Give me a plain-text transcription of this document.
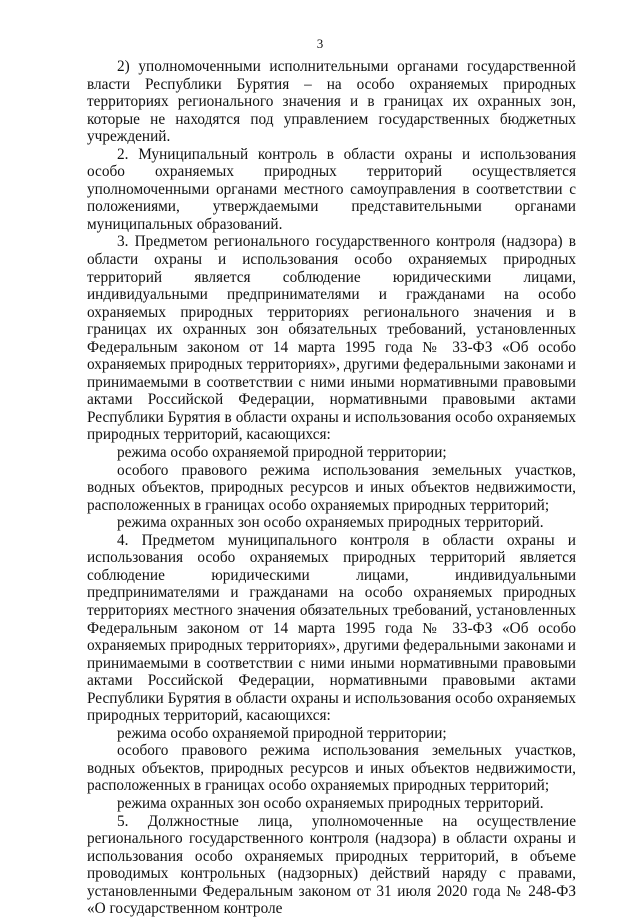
3

2) уполномоченными исполнительными органами государственной власти Республики Бурятия – на особо охраняемых природных территориях регионального значения и в границах их охранных зон, которые не находятся под управлением государственных бюджетных учреждений.

2. Муниципальный контроль в области охраны и использования особо охраняемых природных территорий осуществляется уполномоченными органами местного самоуправления в соответствии с положениями, утверждаемыми представительными органами муниципальных образований.

3. Предметом регионального государственного контроля (надзора) в области охраны и использования особо охраняемых природных территорий является соблюдение юридическими лицами, индивидуальными предпринимателями и гражданами на особо охраняемых природных территориях регионального значения и в границах их охранных зон обязательных требований, установленных Федеральным законом от 14 марта 1995 года № 33-ФЗ «Об особо охраняемых природных территориях», другими федеральными законами и принимаемыми в соответствии с ними иными нормативными правовыми актами Российской Федерации, нормативными правовыми актами Республики Бурятия в области охраны и использования особо охраняемых природных территорий, касающихся:

режима особо охраняемой природной территории;

особого правового режима использования земельных участков, водных объектов, природных ресурсов и иных объектов недвижимости, расположенных в границах особо охраняемых природных территорий;

режима охранных зон особо охраняемых природных территорий.

4. Предметом муниципального контроля в области охраны и использования особо охраняемых природных территорий является соблюдение юридическими лицами, индивидуальными предпринимателями и гражданами на особо охраняемых природных территориях местного значения обязательных требований, установленных Федеральным законом от 14 марта 1995 года № 33-ФЗ «Об особо охраняемых природных территориях», другими федеральными законами и принимаемыми в соответствии с ними иными нормативными правовыми актами Российской Федерации, нормативными правовыми актами Республики Бурятия в области охраны и использования особо охраняемых природных территорий, касающихся:

режима особо охраняемой природной территории;

особого правового режима использования земельных участков, водных объектов, природных ресурсов и иных объектов недвижимости, расположенных в границах особо охраняемых природных территорий;

режима охранных зон особо охраняемых природных территорий.

5. Должностные лица, уполномоченные на осуществление регионального государственного контроля (надзора) в области охраны и использования особо охраняемых природных территорий, в объеме проводимых контрольных (надзорных) действий наряду с правами, установленными Федеральным законом от 31 июля 2020 года № 248-ФЗ «О государственном контроле
